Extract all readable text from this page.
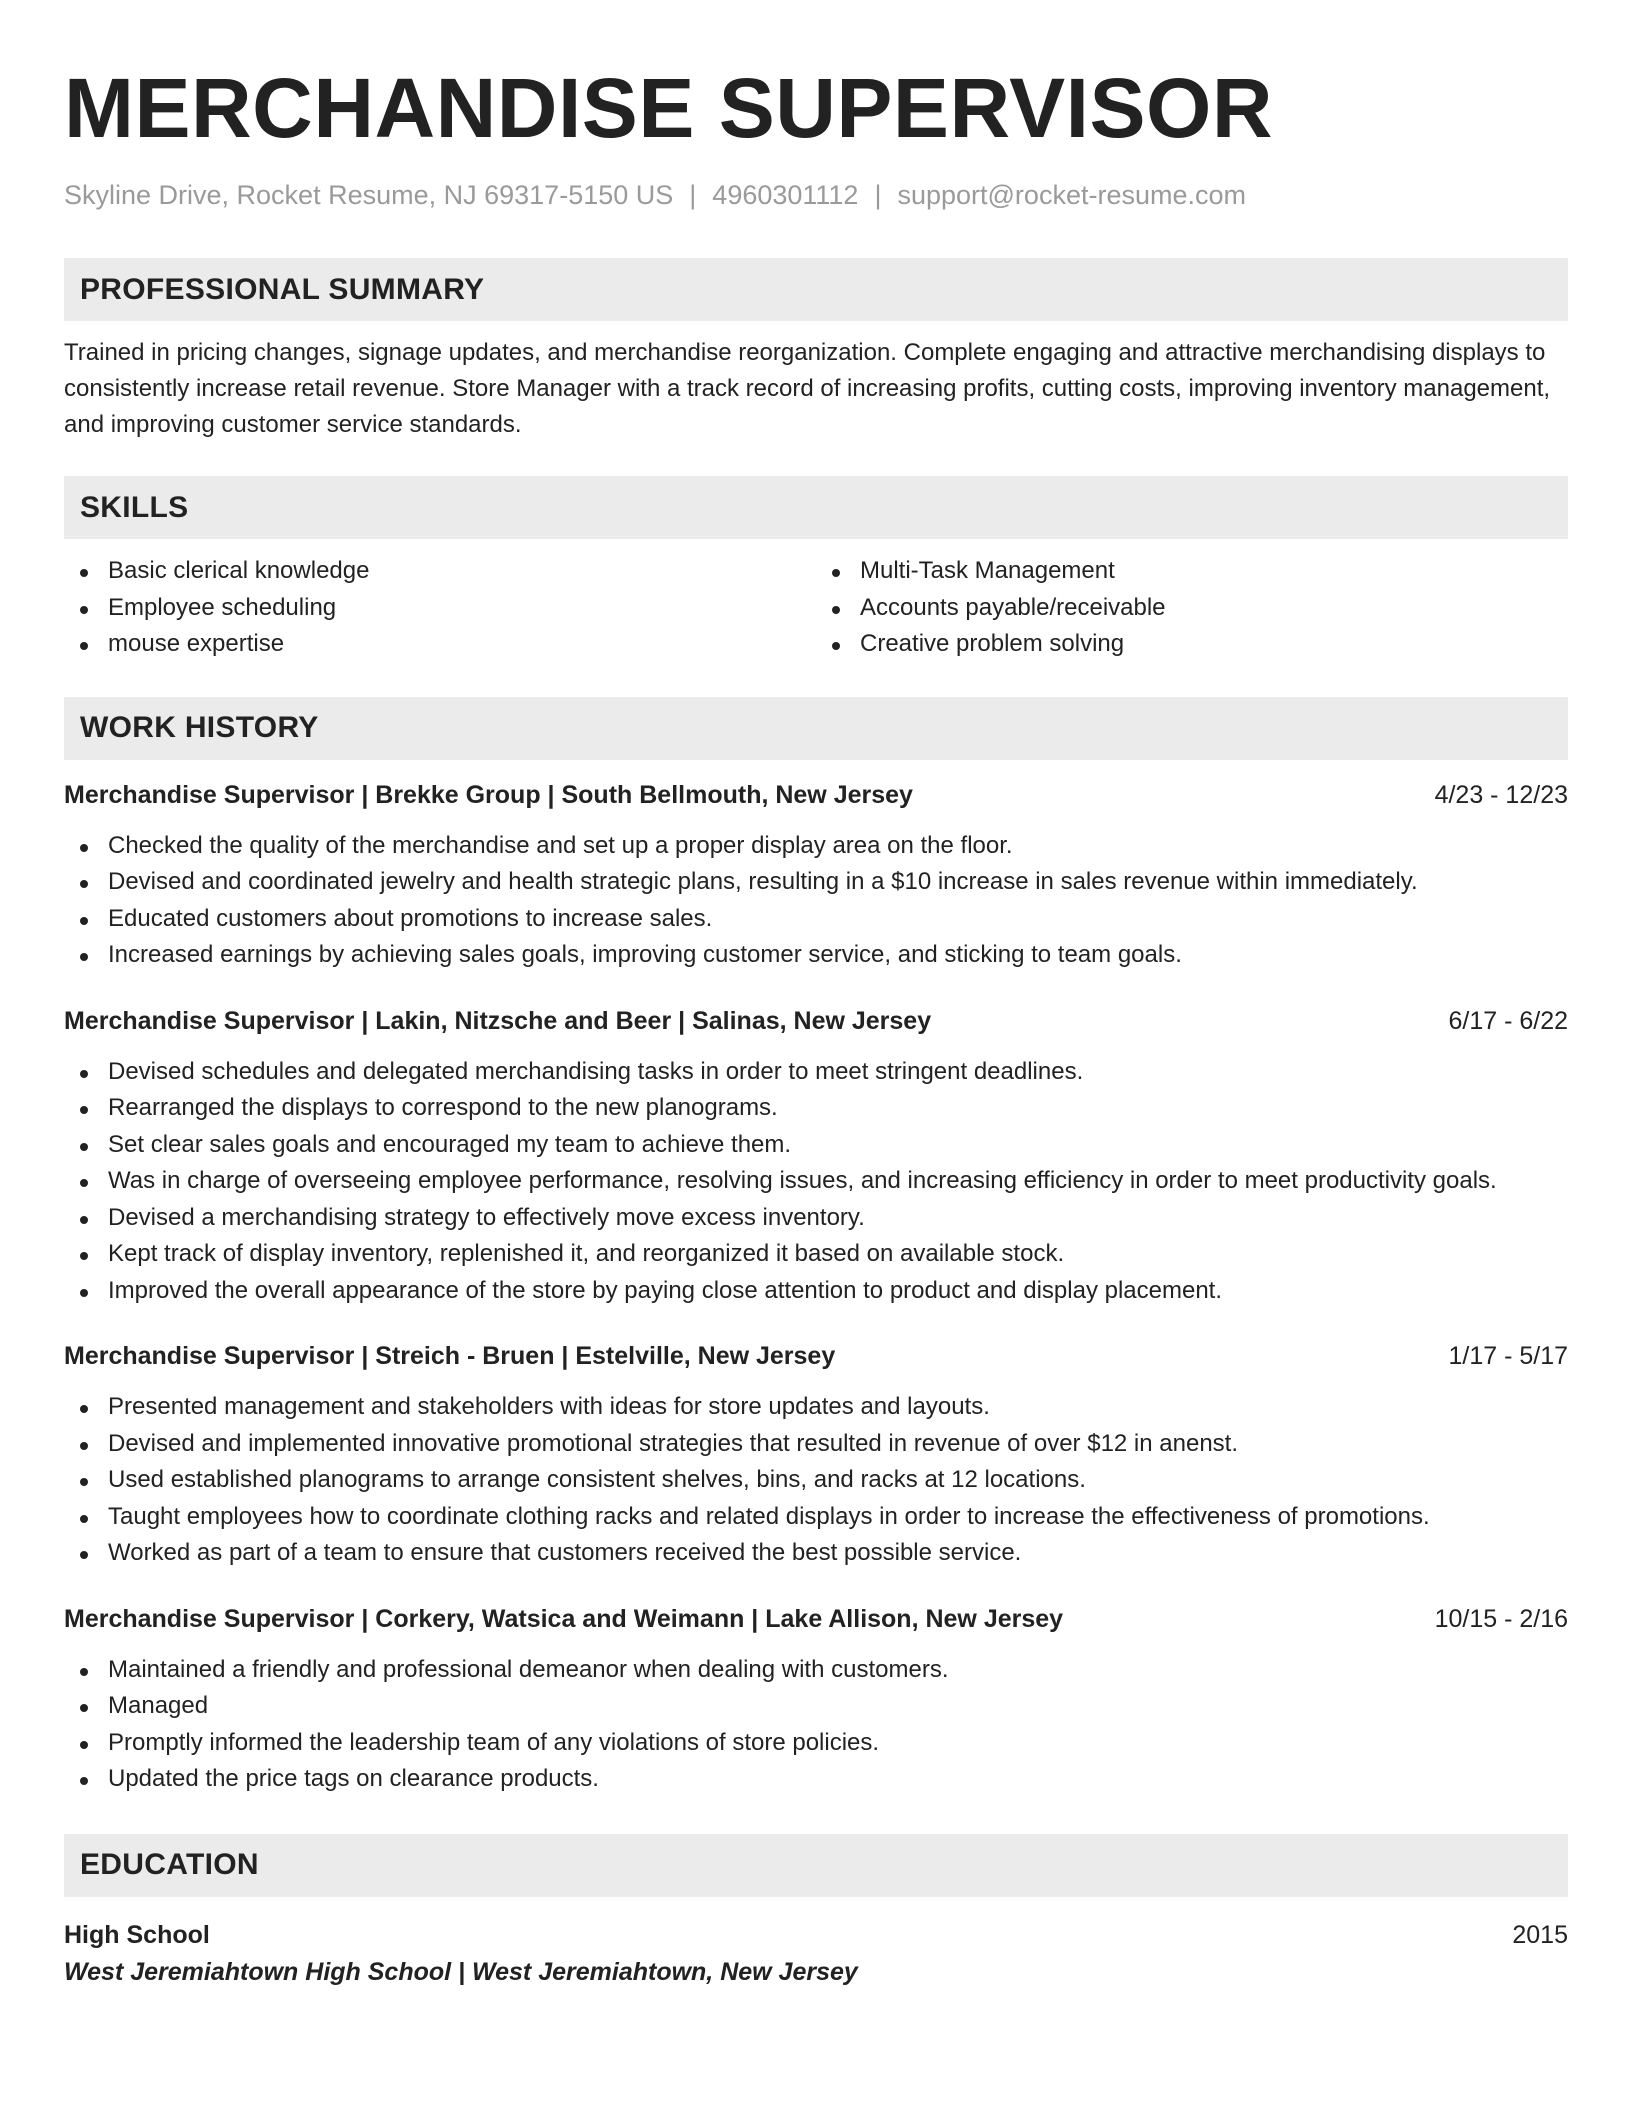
MERCHANDISE SUPERVISOR
Skyline Drive, Rocket Resume, NJ 69317-5150 US | 4960301112 | support@rocket-resume.com
PROFESSIONAL SUMMARY

Trained in pricing changes, signage updates, and merchandise reorganization. Complete engaging and attractive merchandising displays to consistently increase retail revenue. Store Manager with a track record of increasing profits, cutting costs, improving inventory management, and improving customer service standards.

SKILLS
Basic clerical knowledge
Employee scheduling
mouse expertise
Multi-Task Management
Accounts payable/receivable
Creative problem solving
WORK HISTORY
Merchandise Supervisor | Brekke Group | South Bellmouth, New Jersey	4/23 - 12/23
Checked the quality of the merchandise and set up a proper display area on the floor.
Devised and coordinated jewelry and health strategic plans, resulting in a $10 increase in sales revenue within immediately.
Educated customers about promotions to increase sales.
Increased earnings by achieving sales goals, improving customer service, and sticking to team goals.
Merchandise Supervisor | Lakin, Nitzsche and Beer | Salinas, New Jersey	6/17 - 6/22
Devised schedules and delegated merchandising tasks in order to meet stringent deadlines.
Rearranged the displays to correspond to the new planograms.
Set clear sales goals and encouraged my team to achieve them.
Was in charge of overseeing employee performance, resolving issues, and increasing efficiency in order to meet productivity goals.
Devised a merchandising strategy to effectively move excess inventory.
Kept track of display inventory, replenished it, and reorganized it based on available stock.
Improved the overall appearance of the store by paying close attention to product and display placement.
Merchandise Supervisor | Streich - Bruen | Estelville, New Jersey	1/17 - 5/17
Presented management and stakeholders with ideas for store updates and layouts.
Devised and implemented innovative promotional strategies that resulted in revenue of over $12 in anenst.
Used established planograms to arrange consistent shelves, bins, and racks at 12 locations.
Taught employees how to coordinate clothing racks and related displays in order to increase the effectiveness of promotions.
Worked as part of a team to ensure that customers received the best possible service.
Merchandise Supervisor | Corkery, Watsica and Weimann | Lake Allison, New Jersey	10/15 - 2/16
Maintained a friendly and professional demeanor when dealing with customers.
Managed
Promptly informed the leadership team of any violations of store policies.
Updated the price tags on clearance products.
EDUCATION
High School	2015
West Jeremiahtown High School | West Jeremiahtown, New Jersey
